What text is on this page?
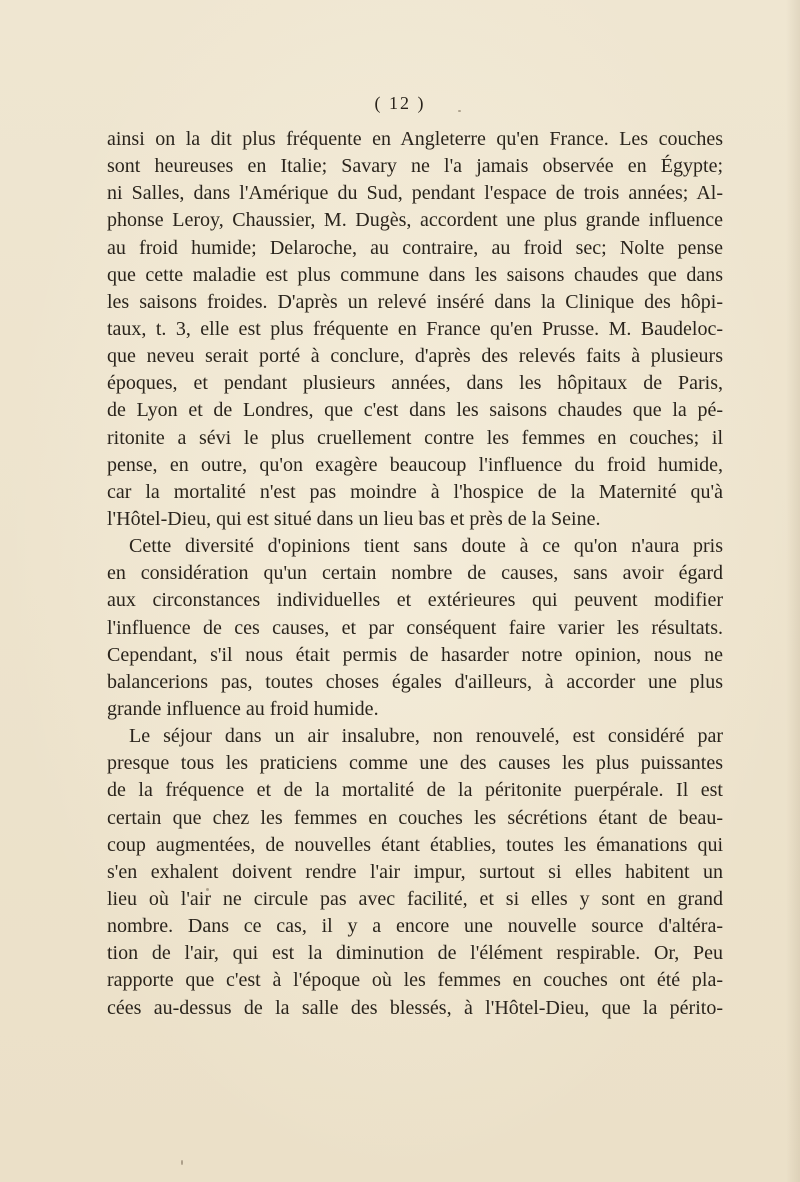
( 12 )
ainsi on la dit plus fréquente en Angleterre qu'en France. Les couches
sont heureuses en Italie; Savary ne l'a jamais observée en Égypte;
ni Salles, dans l'Amérique du Sud, pendant l'espace de trois années; Al-
phonse Leroy, Chaussier, M. Dugès, accordent une plus grande influence
au froid humide; Delaroche, au contraire, au froid sec; Nolte pense
que cette maladie est plus commune dans les saisons chaudes que dans
les saisons froides. D'après un relevé inséré dans la Clinique des hôpi-
taux, t. 3, elle est plus fréquente en France qu'en Prusse. M. Baudeloc-
que neveu serait porté à conclure, d'après des relevés faits à plusieurs
époques, et pendant plusieurs années, dans les hôpitaux de Paris,
de Lyon et de Londres, que c'est dans les saisons chaudes que la pé-
ritonite a sévi le plus cruellement contre les femmes en couches; il
pense, en outre, qu'on exagère beaucoup l'influence du froid humide,
car la mortalité n'est pas moindre à l'hospice de la Maternité qu'à
l'Hôtel-Dieu, qui est situé dans un lieu bas et près de la Seine.
Cette diversité d'opinions tient sans doute à ce qu'on n'aura pris
en considération qu'un certain nombre de causes, sans avoir égard
aux circonstances individuelles et extérieures qui peuvent modifier
l'influence de ces causes, et par conséquent faire varier les résultats.
Cependant, s'il nous était permis de hasarder notre opinion, nous ne
balancerions pas, toutes choses égales d'ailleurs, à accorder une plus
grande influence au froid humide.
Le séjour dans un air insalubre, non renouvelé, est considéré par
presque tous les praticiens comme une des causes les plus puissantes
de la fréquence et de la mortalité de la péritonite puerpérale. Il est
certain que chez les femmes en couches les sécrétions étant de beau-
coup augmentées, de nouvelles étant établies, toutes les émanations qui
s'en exhalent doivent rendre l'air impur, surtout si elles habitent un
lieu où l'air ne circule pas avec facilité, et si elles y sont en grand
nombre. Dans ce cas, il y a encore une nouvelle source d'altéra-
tion de l'air, qui est la diminution de l'élément respirable. Or, Peu
rapporte que c'est à l'époque où les femmes en couches ont été pla-
cées au-dessus de la salle des blessés, à l'Hôtel-Dieu, que la périto-
